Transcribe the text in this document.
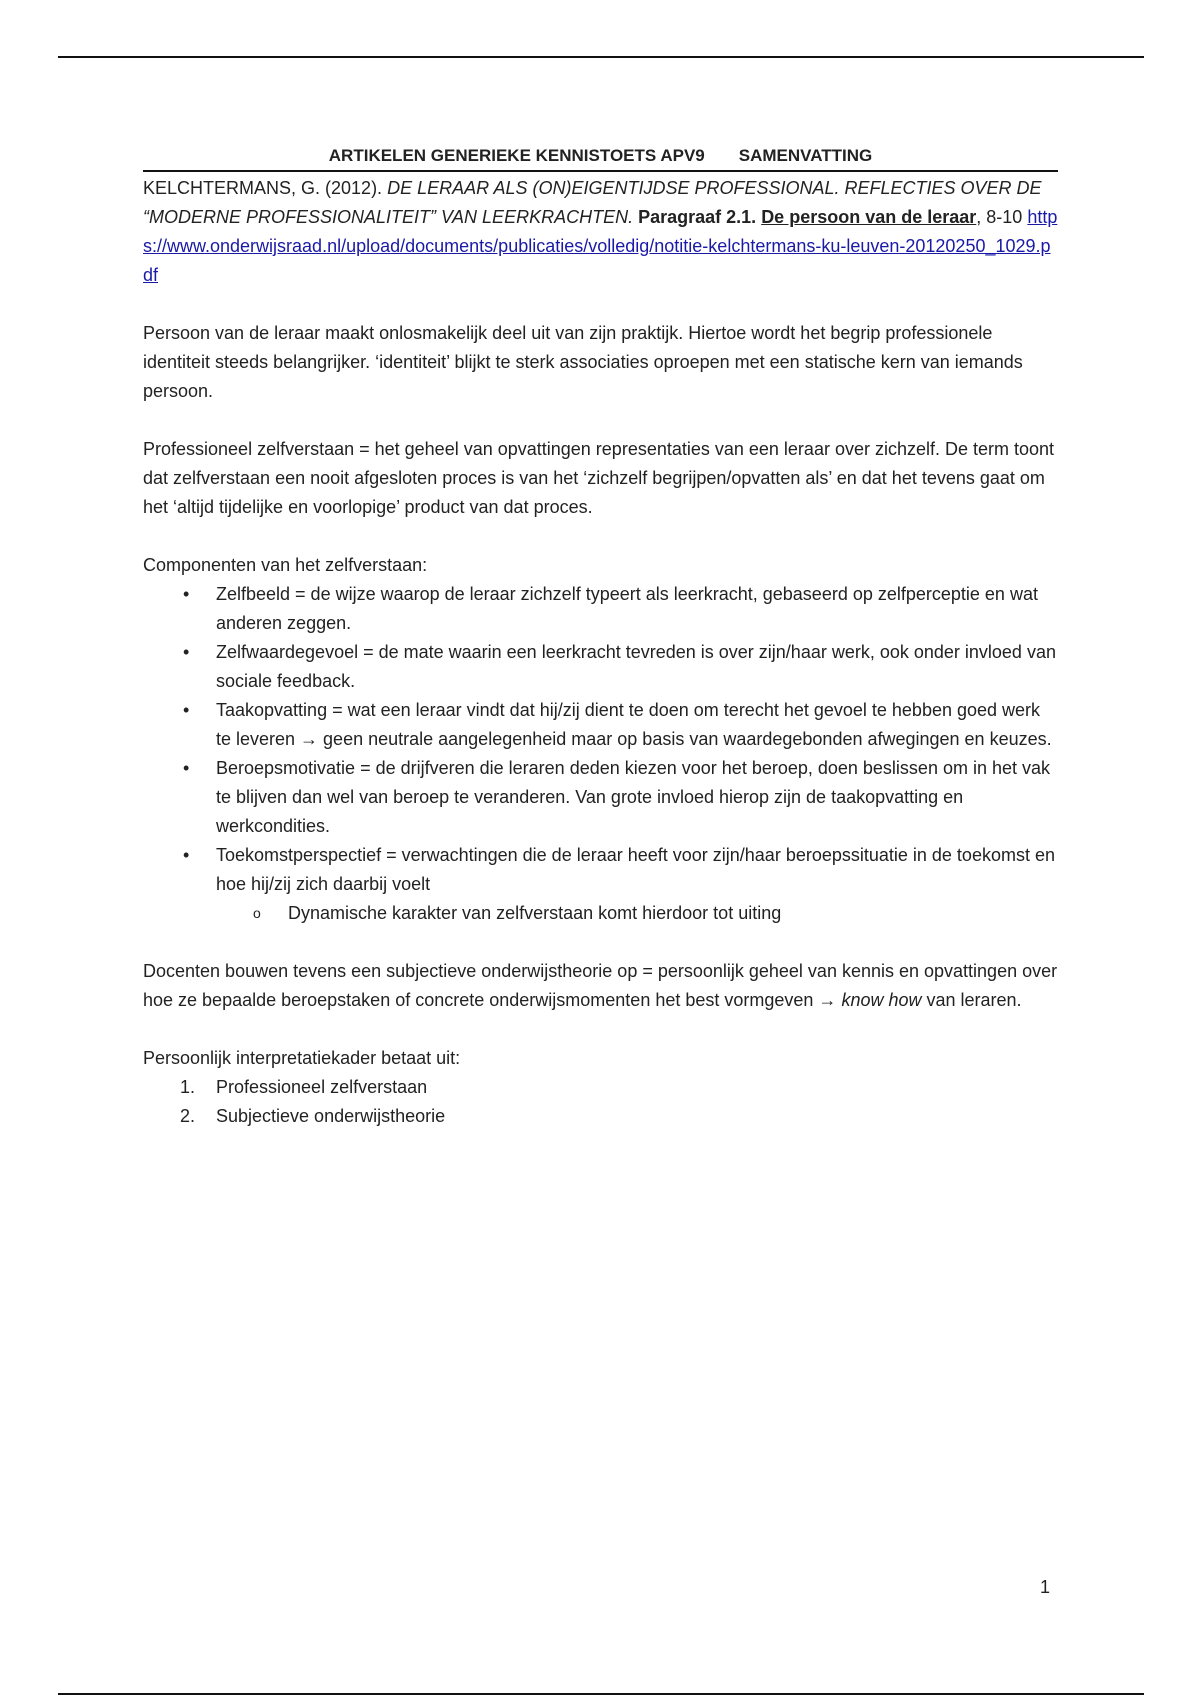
ARTIKELEN GENERIEKE KENNISTOETS APV9 SAMENVATTING

KELCHTERMANS, G. (2012). DE LERAAR ALS (ON)EIGENTIJDSE PROFESSIONAL. REFLECTIES OVER DE “MODERNE PROFESSIONALITEIT” VAN LEERKRACHTEN. Paragraaf 2.1. De persoon van de leraar, 8-10 https://www.onderwijsraad.nl/upload/documents/publicaties/volledig/notitie-kelchtermans-ku-leuven-20120250_1029.pdf

Persoon van de leraar maakt onlosmakelijk deel uit van zijn praktijk. Hiertoe wordt het begrip professionele identiteit steeds belangrijker. ‘identiteit’ blijkt te sterk associaties oproepen met een statische kern van iemands persoon.

Professioneel zelfverstaan = het geheel van opvattingen representaties van een leraar over zichzelf. De term toont dat zelfverstaan een nooit afgesloten proces is van het ‘zichzelf begrijpen/opvatten als’ en dat het tevens gaat om het ‘altijd tijdelijke en voorlopige’ product van dat proces.

Componenten van het zelfverstaan:

• Zelfbeeld = de wijze waarop de leraar zichzelf typeert als leerkracht, gebaseerd op zelfperceptie en wat anderen zeggen.
• Zelfwaardegevoel = de mate waarin een leerkracht tevreden is over zijn/haar werk, ook onder invloed van sociale feedback.
• Taakopvatting = wat een leraar vindt dat hij/zij dient te doen om terecht het gevoel te hebben goed werk te leveren → geen neutrale aangelegenheid maar op basis van waardegebonden afwegingen en keuzes.
• Beroepsmotivatie = de drijfveren die leraren deden kiezen voor het beroep, doen beslissen om in het vak te blijven dan wel van beroep te veranderen. Van grote invloed hierop zijn de taakopvatting en werkcondities.
• Toekomstperspectief = verwachtingen die de leraar heeft voor zijn/haar beroepssituatie in de toekomst en hoe hij/zij zich daarbij voelt
o Dynamische karakter van zelfverstaan komt hierdoor tot uiting

Docenten bouwen tevens een subjectieve onderwijstheorie op = persoonlijk geheel van kennis en opvattingen over hoe ze bepaalde beroepstaken of concrete onderwijsmomenten het best vormgeven → know how van leraren.

Persoonlijk interpretatiekader betaat uit:

1. Professioneel zelfverstaan
2. Subjectieve onderwijstheorie
1
